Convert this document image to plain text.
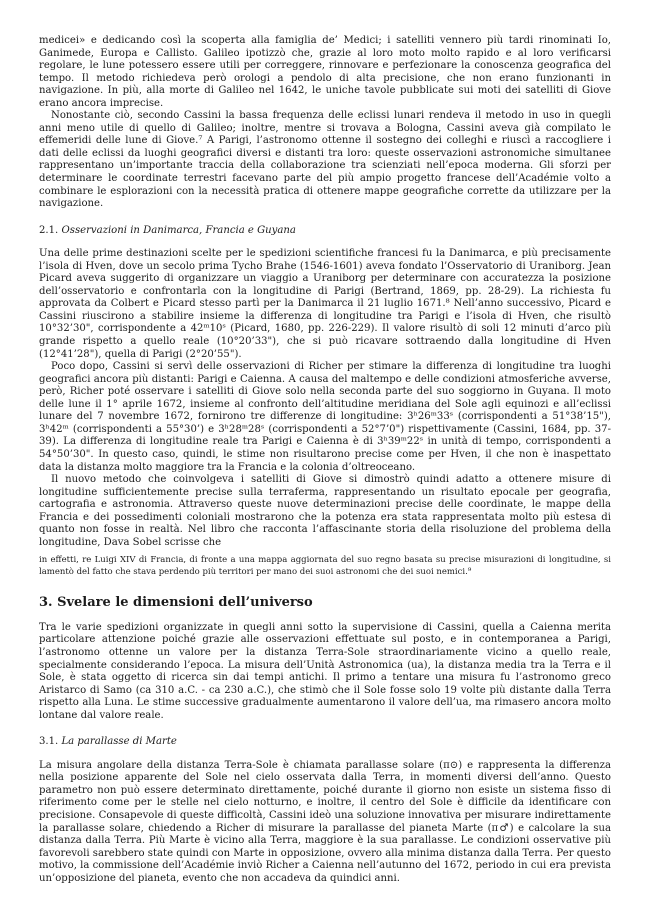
medicei» e dedicando così la scoperta alla famiglia de’ Medici; i satelliti vennero più tardi rinominati Io, Ganimede, Europa e Callisto. Galileo ipotizzò che, grazie al loro moto molto rapido e al loro verificarsi regolare, le lune potessero essere utili per correggere, rinnovare e perfezionare la conoscenza geografica del tempo. Il metodo richiedeva però orologi a pendolo di alta precisione, che non erano funzionanti in navigazione. In più, alla morte di Galileo nel 1642, le uniche tavole pubblicate sui moti dei satelliti di Giove erano ancora imprecise.

Nonostante ciò, secondo Cassini la bassa frequenza delle eclissi lunari rendeva il metodo in uso in quegli anni meno utile di quello di Galileo; inoltre, mentre si trovava a Bologna, Cassini aveva già compilato le effemeridi delle lune di Giove.⁷ A Parigi, l’astronomo ottenne il sostegno dei colleghi e riuscì a raccogliere i dati delle eclissi da luoghi geografici diversi e distanti tra loro: queste osservazioni astronomiche simultanee rappresentano un’importante traccia della collaborazione tra scienziati nell’epoca moderna. Gli sforzi per determinare le coordinate terrestri facevano parte del più ampio progetto francese dell’Académie volto a combinare le esplorazioni con la necessità pratica di ottenere mappe geografiche corrette da utilizzare per la navigazione.

2.1. Osservazioni in Danimarca, Francia e Guyana

Una delle prime destinazioni scelte per le spedizioni scientifiche francesi fu la Danimarca, e più precisamente l’isola di Hven, dove un secolo prima Tycho Brahe (1546-1601) aveva fondato l’Osservatorio di Uraniborg. Jean Picard aveva suggerito di organizzare un viaggio a Uraniborg per determinare con accuratezza la posizione dell’osservatorio e confrontarla con la longitudine di Parigi (Bertrand, 1869, pp. 28-29). La richiesta fu approvata da Colbert e Picard stesso partì per la Danimarca il 21 luglio 1671.⁸ Nell’anno successivo, Picard e Cassini riuscirono a stabilire insieme la differenza di longitudine tra Parigi e l’isola di Hven, che risultò 10°32’30", corrispondente a 42ᵐ10ˢ (Picard, 1680, pp. 226-229). Il valore risultò di soli 12 minuti d’arco più grande rispetto a quello reale (10°20’33"), che si può ricavare sottraendo dalla longitudine di Hven (12°41’28"), quella di Parigi (2°20’55").

Poco dopo, Cassini si servì delle osservazioni di Richer per stimare la differenza di longitudine tra luoghi geografici ancora più distanti: Parigi e Caienna. A causa del maltempo e delle condizioni atmosferiche avverse, però, Richer poté osservare i satelliti di Giove solo nella seconda parte del suo soggiorno in Guyana. Il moto delle lune il 1° aprile 1672, insieme al confronto dell’altitudine meridiana del Sole agli equinozi e all’eclissi lunare del 7 novembre 1672, fornirono tre differenze di longitudine: 3ʰ26ᵐ33ˢ (corrispondenti a 51°38’15"), 3ʰ42ᵐ (corrispondenti a 55°30’) e 3ʰ28ᵐ28ˢ (corrispondenti a 52°7’0") rispettivamente (Cassini, 1684, pp. 37-39). La differenza di longitudine reale tra Parigi e Caienna è di 3ʰ39ᵐ22ˢ in unità di tempo, corrispondenti a 54°50’30". In questo caso, quindi, le stime non risultarono precise come per Hven, il che non è inaspettato data la distanza molto maggiore tra la Francia e la colonia d’oltreoceano.

Il nuovo metodo che coinvolgeva i satelliti di Giove si dimostrò quindi adatto a ottenere misure di longitudine sufficientemente precise sulla terraferma, rappresentando un risultato epocale per geografia, cartografia e astronomia. Attraverso queste nuove determinazioni precise delle coordinate, le mappe della Francia e dei possedimenti coloniali mostrarono che la potenza era stata rappresentata molto più estesa di quanto non fosse in realtà. Nel libro che racconta l’affascinante storia della risoluzione del problema della longitudine, Dava Sobel scrisse che

in effetti, re Luigi XIV di Francia, di fronte a una mappa aggiornata del suo regno basata su precise misurazioni di longitudine, si lamentò del fatto che stava perdendo più territori per mano dei suoi astronomi che dei suoi nemici.⁹

3. Svelare le dimensioni dell’universo

Tra le varie spedizioni organizzate in quegli anni sotto la supervisione di Cassini, quella a Caienna merita particolare attenzione poiché grazie alle osservazioni effettuate sul posto, e in contemporanea a Parigi, l’astronomo ottenne un valore per la distanza Terra-Sole straordinariamente vicino a quello reale, specialmente considerando l’epoca. La misura dell’Unità Astronomica (ua), la distanza media tra la Terra e il Sole, è stata oggetto di ricerca sin dai tempi antichi. Il primo a tentare una misura fu l’astronomo greco Aristarco di Samo (ca 310 a.C. - ca 230 a.C.), che stimò che il Sole fosse solo 19 volte più distante dalla Terra rispetto alla Luna. Le stime successive gradualmente aumentarono il valore dell’ua, ma rimasero ancora molto lontane dal valore reale.

3.1. La parallasse di Marte

La misura angolare della distanza Terra-Sole è chiamata parallasse solare (π⊙) e rappresenta la differenza nella posizione apparente del Sole nel cielo osservata dalla Terra, in momenti diversi dell’anno. Questo parametro non può essere determinato direttamente, poiché durante il giorno non esiste un sistema fisso di riferimento come per le stelle nel cielo notturno, e inoltre, il centro del Sole è difficile da identificare con precisione. Consapevole di queste difficoltà, Cassini ideò una soluzione innovativa per misurare indirettamente la parallasse solare, chiedendo a Richer di misurare la parallasse del pianeta Marte (π♂) e calcolare la sua distanza dalla Terra. Più Marte è vicino alla Terra, maggiore è la sua parallasse. Le condizioni osservative più favorevoli sarebbero state quindi con Marte in opposizione, ovvero alla minima distanza dalla Terra. Per questo motivo, la commissione dell’Académie inviò Richer a Caienna nell’autunno del 1672, periodo in cui era prevista un’opposizione del pianeta, evento che non accadeva da quindici anni.
